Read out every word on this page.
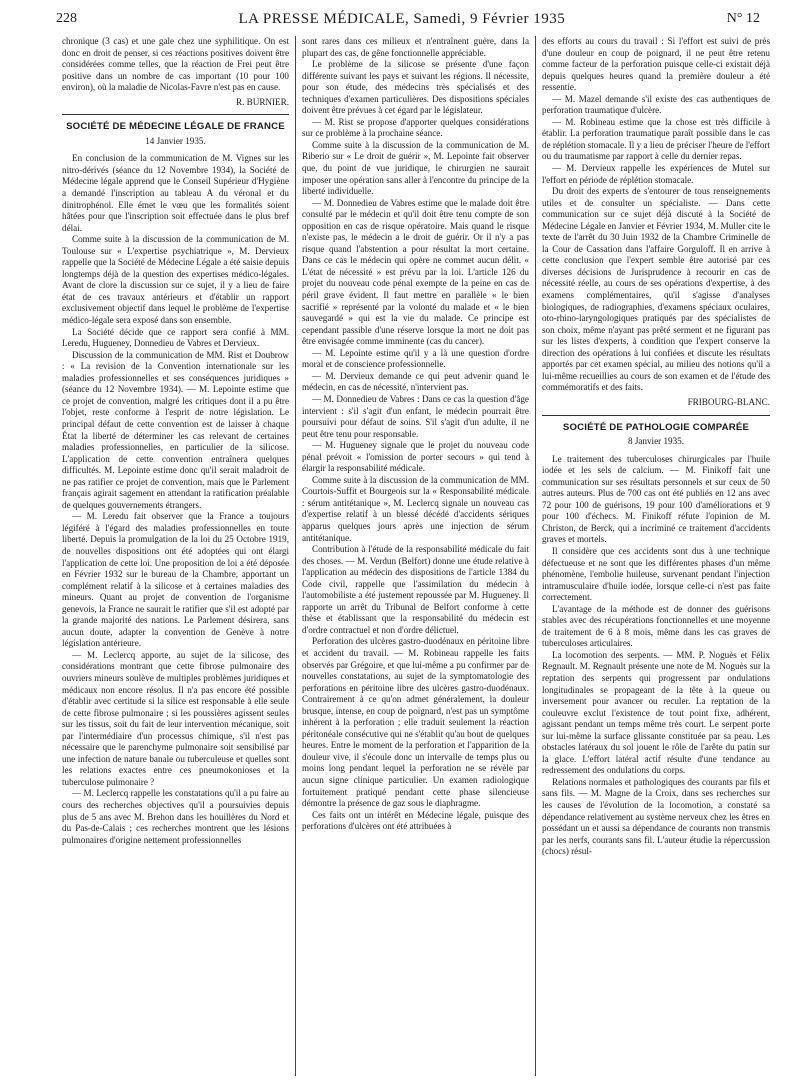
228	LA PRESSE MÉDICALE, Samedi, 9 Février 1935	N° 12

chronique (3 cas) et une gale chez une syphilitique. On est donc en droit de penser, si ces réactions positives doivent être considérées comme telles, que la réaction de Frei peut être positive dans un nombre de cas important (10 pour 100 environ), où la maladie de Nicolas-Favre n'est pas en cause.

R. BURNIER.
SOCIÉTÉ DE MÉDECINE LÉGALE DE FRANCE
14 Janvier 1935.

En conclusion de la communication de M. Vignes sur les nitro-dérivés (séance du 12 Novembre 1934), la Société de Médecine légale apprend que le Conseil Supérieur d'Hygiène a demandé l'inscription au tableau A du véronal et du dinitrophénol. Elle émet le vœu que les formalités soient hâtées pour que l'inscription soit effectuée dans le plus bref délai.

Comme suite à la discussion de la communication de M. Toulouse sur « L'expertise psychiatrique », M. Dervieux rappelle que la Société de Médecine Légale a été saisie depuis longtemps déjà de la question des expertises médico-légales. Avant de clore la discussion sur ce sujet, il y a lieu de faire état de ces travaux antérieurs et d'établir un rapport exclusivement objectif dans lequel le problème de l'expertise médico-légale sera exposé dans son ensemble.

La Société décide que ce rapport sera confié à MM. Leredu, Hugueney, Donnedieu de Vabres et Dervieux.

Discussion de la communication de MM. Rist et Doubrow : « La revision de la Convention internationale sur les maladies professionnelles et ses conséquences juridiques » (séance du 12 Novembre 1934). — M. Lepointe estime que ce projet de convention, malgré les critiques dont il a pu être l'objet, reste conforme à l'esprit de notre législation. Le principal défaut de cette convention est de laisser à chaque État la liberté de déterminer les cas relevant de certaines maladies professionnelles, en particulier de la silicose. L'application de cette convention entraînera quelques difficultés. M. Lepointe estime donc qu'il serait maladroit de ne pas ratifier ce projet de convention, mais que le Parlement français agirait sagement en attendant la ratification préalable de quelques gouvernements étrangers.

— M. Leredu fait observer que la France a toujours légiféré à l'égard des maladies professionnelles en toute liberté. Depuis la promulgation de la loi du 25 Octobre 1919, de nouvelles dispositions ont été adoptées qui ont élargi l'application de cette loi. Une proposition de loi a été déposée en Février 1932 sur le bureau de la Chambre, apportant un complément relatif à la silicose et à certaines maladies des mineurs. Quant au projet de convention de l'organisme genevois, la France ne saurait le ratifier que s'il est adopté par la grande majorité des nations. Le Parlement désirera, sans aucun doute, adapter la convention de Genève à notre législation antérieure.

— M. Leclercq apporte, au sujet de la silicose, des considérations montrant que cette fibrose pulmonaire des ouvriers mineurs soulève de multiples problèmes juridiques et médicaux non encore résolus. Il n'a pas encore été possible d'établir avec certitude si la silice est responsable à elle seule de cette fibrose pulmonaire ; si les poussières agissent seules sur les tissus, soit du fait de leur intervention mécanique, soit par l'intermédiaire d'un processus chimique, s'il n'est pas nécessaire que le parenchyme pulmonaire soit sensibilisé par une infection de nature banale ou tuberculeuse et quelles sont les relations exactes entre ces pneumokonioses et la tuberculose pulmonaire ?

— M. Leclercq rappelle les constatations qu'il a pu faire au cours des recherches objectives qu'il a poursuivies depuis plus de 5 ans avec M. Brehon dans les houillères du Nord et du Pas-de-Calais ; ces recherches montrent que les lésions pulmonaires d'origine nettement professionnelles

sont rares dans ces milieux et n'entraînent guère, dans la plupart des cas, de gêne fonctionnelle appréciable.

Le problème de la silicose se présente d'une façon différente suivant les pays et suivant les régions. Il nécessite, pour son étude, des médecins très spécialisés et des techniques d'examen particulières. Des dispositions spéciales doivent être prévues à cet égard par le législateur.

— M. Rist se propose d'apporter quelques considérations sur ce problème à la prochaine séance.

Comme suite à la discussion de la communication de M. Riberio sur « Le droit de guérir », M. Lepointe fait observer que, du point de vue juridique, le chirurgien ne saurait imposer une opération sans aller à l'encontre du principe de la liberté individuelle.

— M. Donnedieu de Vabres estime que le malade doit être consulté par le médecin et qu'il doit être tenu compte de son opposition en cas de risque opératoire. Mais quand le risque n'existe pas, le médecin a le droit de guérir. Or il n'y a pas risque quand l'abstention a pour résultat la mort certaine. Dans ce cas le médecin qui opère ne commet aucun délit. « L'état de nécessité » est prévu par la loi. L'article 126 du projet du nouveau code pénal exempte de la peine en cas de péril grave évident. Il faut mettre en parallèle « le bien sacrifié » représenté par la volonté du malade et « le bien sauvegardé » qui est la vie du malade. Ce principe est cependant passible d'une réserve lorsque la mort ne doit pas être envisagée comme imminente (cas du cancer).

— M. Lepointe estime qu'il y a là une question d'ordre moral et de conscience professionnelle.

— M. Dervieux demande ce qui peut advenir quand le médecin, en cas de nécessité, n'intervient pas.

— M. Donnedieu de Vabres : Dans ce cas la question d'âge intervient : s'il s'agit d'un enfant, le médecin pourrait être poursuivi pour défaut de soins. S'il s'agit d'un adulte, il ne peut être tenu pour responsable.

— M. Hugueney signale que le projet du nouveau code pénal prévoit « l'omission de porter secours » qui tend à élargir la responsabilité médicale.

Comme suite à la discussion de la communication de MM. Courtois-Suffit et Bourgeois sur la « Responsabilité médicale : sérum antitétanique », M. Leclercq signale un nouveau cas d'expertise relatif à un blessé décédé d'accidents sériques apparus quelques jours après une injection de sérum antitétanique.

Contribution à l'étude de la responsabilité médicale du fait des choses. — M. Verdun (Belfort) donne une étude relative à l'application au médecin des dispositions de l'article 1384 du Code civil, rappelle que l'assimilation du médecin à l'automobiliste a été justement repoussée par M. Hugueney. Il rapporte un arrêt du Tribunal de Belfort conforme à cette thèse et établissant que la responsabilité du médecin est d'ordre contractuel et non d'ordre délictuel.

Perforation des ulcères gastro-duodénaux en péritoine libre et accident du travail. — M. Robineau rappelle les faits observés par Grégoire, et que lui-même a pu confirmer par de nouvelles constatations, au sujet de la symptomatologie des perforations en péritoine libre des ulcères gastro-duodénaux. Contrairement à ce qu'on admet généralement, la douleur brusque, intense, en coup de poignard, n'est pas un symptôme inhérent à la perforation ; elle traduit seulement la réaction péritonéale consécutive qui ne s'établit qu'au bout de quelques heures. Entre le moment de la perforation et l'apparition de la douleur vive, il s'écoule donc un intervalle de temps plus ou moins long pendant lequel la perforation ne se révèle par aucun signe clinique particulier. Un examen radiologique fortuitement pratiqué pendant cette phase silencieuse démontre la présence de gaz sous le diaphragme.

Ces faits ont un intérêt en Médecine légale, puisque des perforations d'ulcères ont été attribuées à

des efforts au cours du travail : Si l'effort est suivi de près d'une douleur en coup de poignard, il ne peut être retenu comme facteur de la perforation puisque celle-ci existait déjà depuis quelques heures quand la première douleur a été ressentie.

— M. Mazel demande s'il existe des cas authentiques de perforation traumatique d'ulcère.

— M. Robineau estime que la chose est très difficile à établir. La perforation traumatique paraît possible dans le cas de réplétion stomacale. Il y a lieu de préciser l'heure de l'effort ou du traumatisme par rapport à celle du dernier repas.

— M. Dervieux rappelle les expériences de Mutel sur l'effort en période de réplétion stomacale.

Du droit des experts de s'entourer de tous renseignements utiles et de consulter un spécialiste. — Dans cette communication sur ce sujet déjà discuté à la Société de Médecine Légale en Janvier et Février 1934, M. Muller cite le texte de l'arrêt du 30 Juin 1932 de la Chambre Criminelle de la Cour de Cassation dans l'affaire Gorguloff. Il en arrive à cette conclusion que l'expert semble être autorisé par ces diverses décisions de Jurisprudence à recourir en cas de nécessité réelle, au cours de ses opérations d'expertise, à des examens complémentaires, qu'il s'agisse d'analyses biologiques, de radiographies, d'examens spéciaux oculaires, oto-rhino-laryngologiques pratiqués par des spécialistes de son choix, même n'ayant pas prêté serment et ne figurant pas sur les listes d'experts, à condition que l'expert conserve la direction des opérations à lui confiées et discute les résultats apportés par cet examen spécial, au milieu des notions qu'il a lui-même recueillies au cours de son examen et de l'étude des commémoratifs et des faits.

FRIBOURG-BLANC.
SOCIÉTÉ DE PATHOLOGIE COMPARÉE
8 Janvier 1935.

Le traitement des tuberculoses chirurgicales par l'huile iodée et les sels de calcium. — M. Finikoff fait une communication sur ses résultats personnels et sur ceux de 50 autres auteurs. Plus de 700 cas ont été publiés en 12 ans avec 72 pour 100 de guérisons, 19 pour 100 d'améliorations et 9 pour 100 d'échecs. M. Finikoff réfute l'opinion de M. Christon, de Berck, qui a incriminé ce traitement d'accidents graves et mortels.

Il considère que ces accidents sont dus à une technique défectueuse et ne sont que les différentes phases d'un même phénomène, l'embolie huileuse, survenant pendant l'injection intramusculaire d'huile iodée, lorsque celle-ci n'est pas faite correctement.

L'avantage de la méthode est de donner des guérisons stables avec des récupérations fonctionnelles et une moyenne de traitement de 6 à 8 mois, même dans les cas graves de tuberculoses articulaires.

La locomotion des serpents. — MM. P. Noguès et Félix Regnault. M. Regnault présente une note de M. Noguès sur la reptation des serpents qui progressent par ondulations longitudinales se propageant de la tête à la queue ou inversement pour avancer ou reculer. La reptation de la couleuvre exclut l'existence de tout point fixe, adhérent, agissant pendant un temps même très court. Le serpent porte sur lui-même la surface glissante constituée par sa peau. Les obstacles latéraux du sol jouent le rôle de l'arête du patin sur la glace. L'effort latéral actif résulte d'une tendance au redressement des ondulations du corps.

Relations normales et pathologiques des courants par fils et sans fils. — M. Magne de la Croix, dans ses recherches sur les causes de l'évolution de la locomotion, a constaté sa dépendance relativement au système nerveux chez les êtres en possédant un et aussi sa dépendance de courants non transmis par les nerfs, courants sans fil. L'auteur étudie la répercussion (chocs) résul-
